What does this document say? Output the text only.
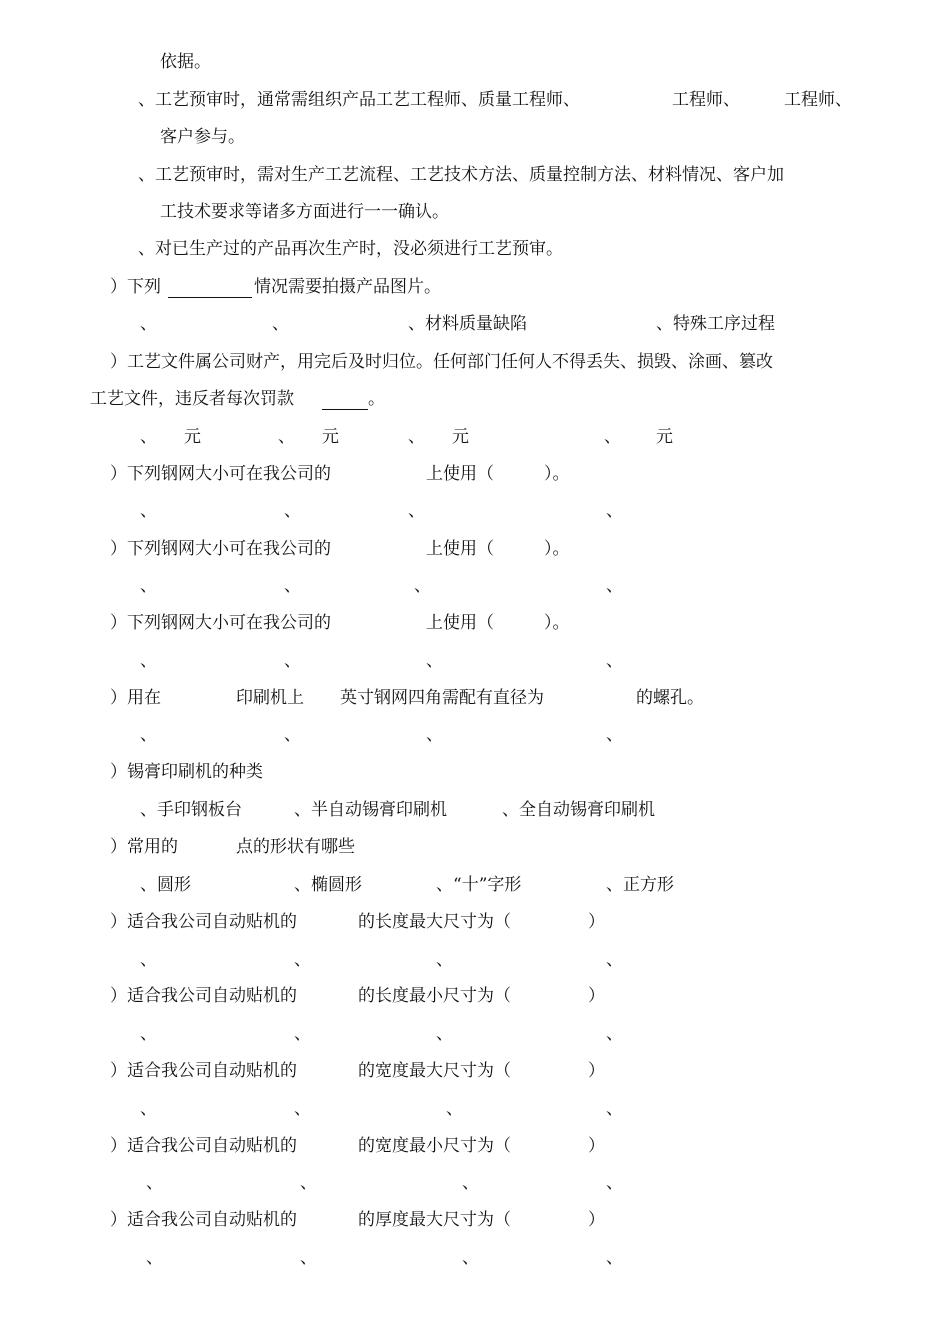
依据。
、工艺预审时，通常需组织产品工艺工程师、质量工程师、	工程师、	工程师、
客户参与。
、工艺预审时，需对生产工艺流程、工艺技术方法、质量控制方法、材料情况、客户加
工技术要求等诸多方面进行一一确认。
、对已生产过的产品再次生产时，没必须进行工艺预审。
）下列	情况需要拍摄产品图片。
、	、	、材料质量缺陷	、特殊工序过程
）工艺文件属公司财产，用完后及时归位。任何部门任何人不得丢失、损毁、涂画、篡改
工艺文件，违反者每次罚款	。
、 元	、 元	、 元	、 元
）下列钢网大小可在我公司的	上使用（	）。
、	、	、	、
）下列钢网大小可在我公司的	上使用（	）。
、	、	、	、
）下列钢网大小可在我公司的	上使用（	）。
、	、	、	、
）用在	印刷机上 英寸钢网四角需配有直径为	的螺孔。
、	、	、	、
）锡膏印刷机的种类
、手印钢板台	、半自动锡膏印刷机	、全自动锡膏印刷机
）常用的	点的形状有哪些
、圆形	、椭圆形	、“十”字形	、正方形
）适合我公司自动贴机的	的长度最大尺寸为（	）
、	、	、	、
）适合我公司自动贴机的	的长度最小尺寸为（	）
、	、	、	、
）适合我公司自动贴机的	的宽度最大尺寸为（	）
、	、	、	、
）适合我公司自动贴机的	的宽度最小尺寸为（	）
、	、	、	、
）适合我公司自动贴机的	的厚度最大尺寸为（	）
、	、	、	、
